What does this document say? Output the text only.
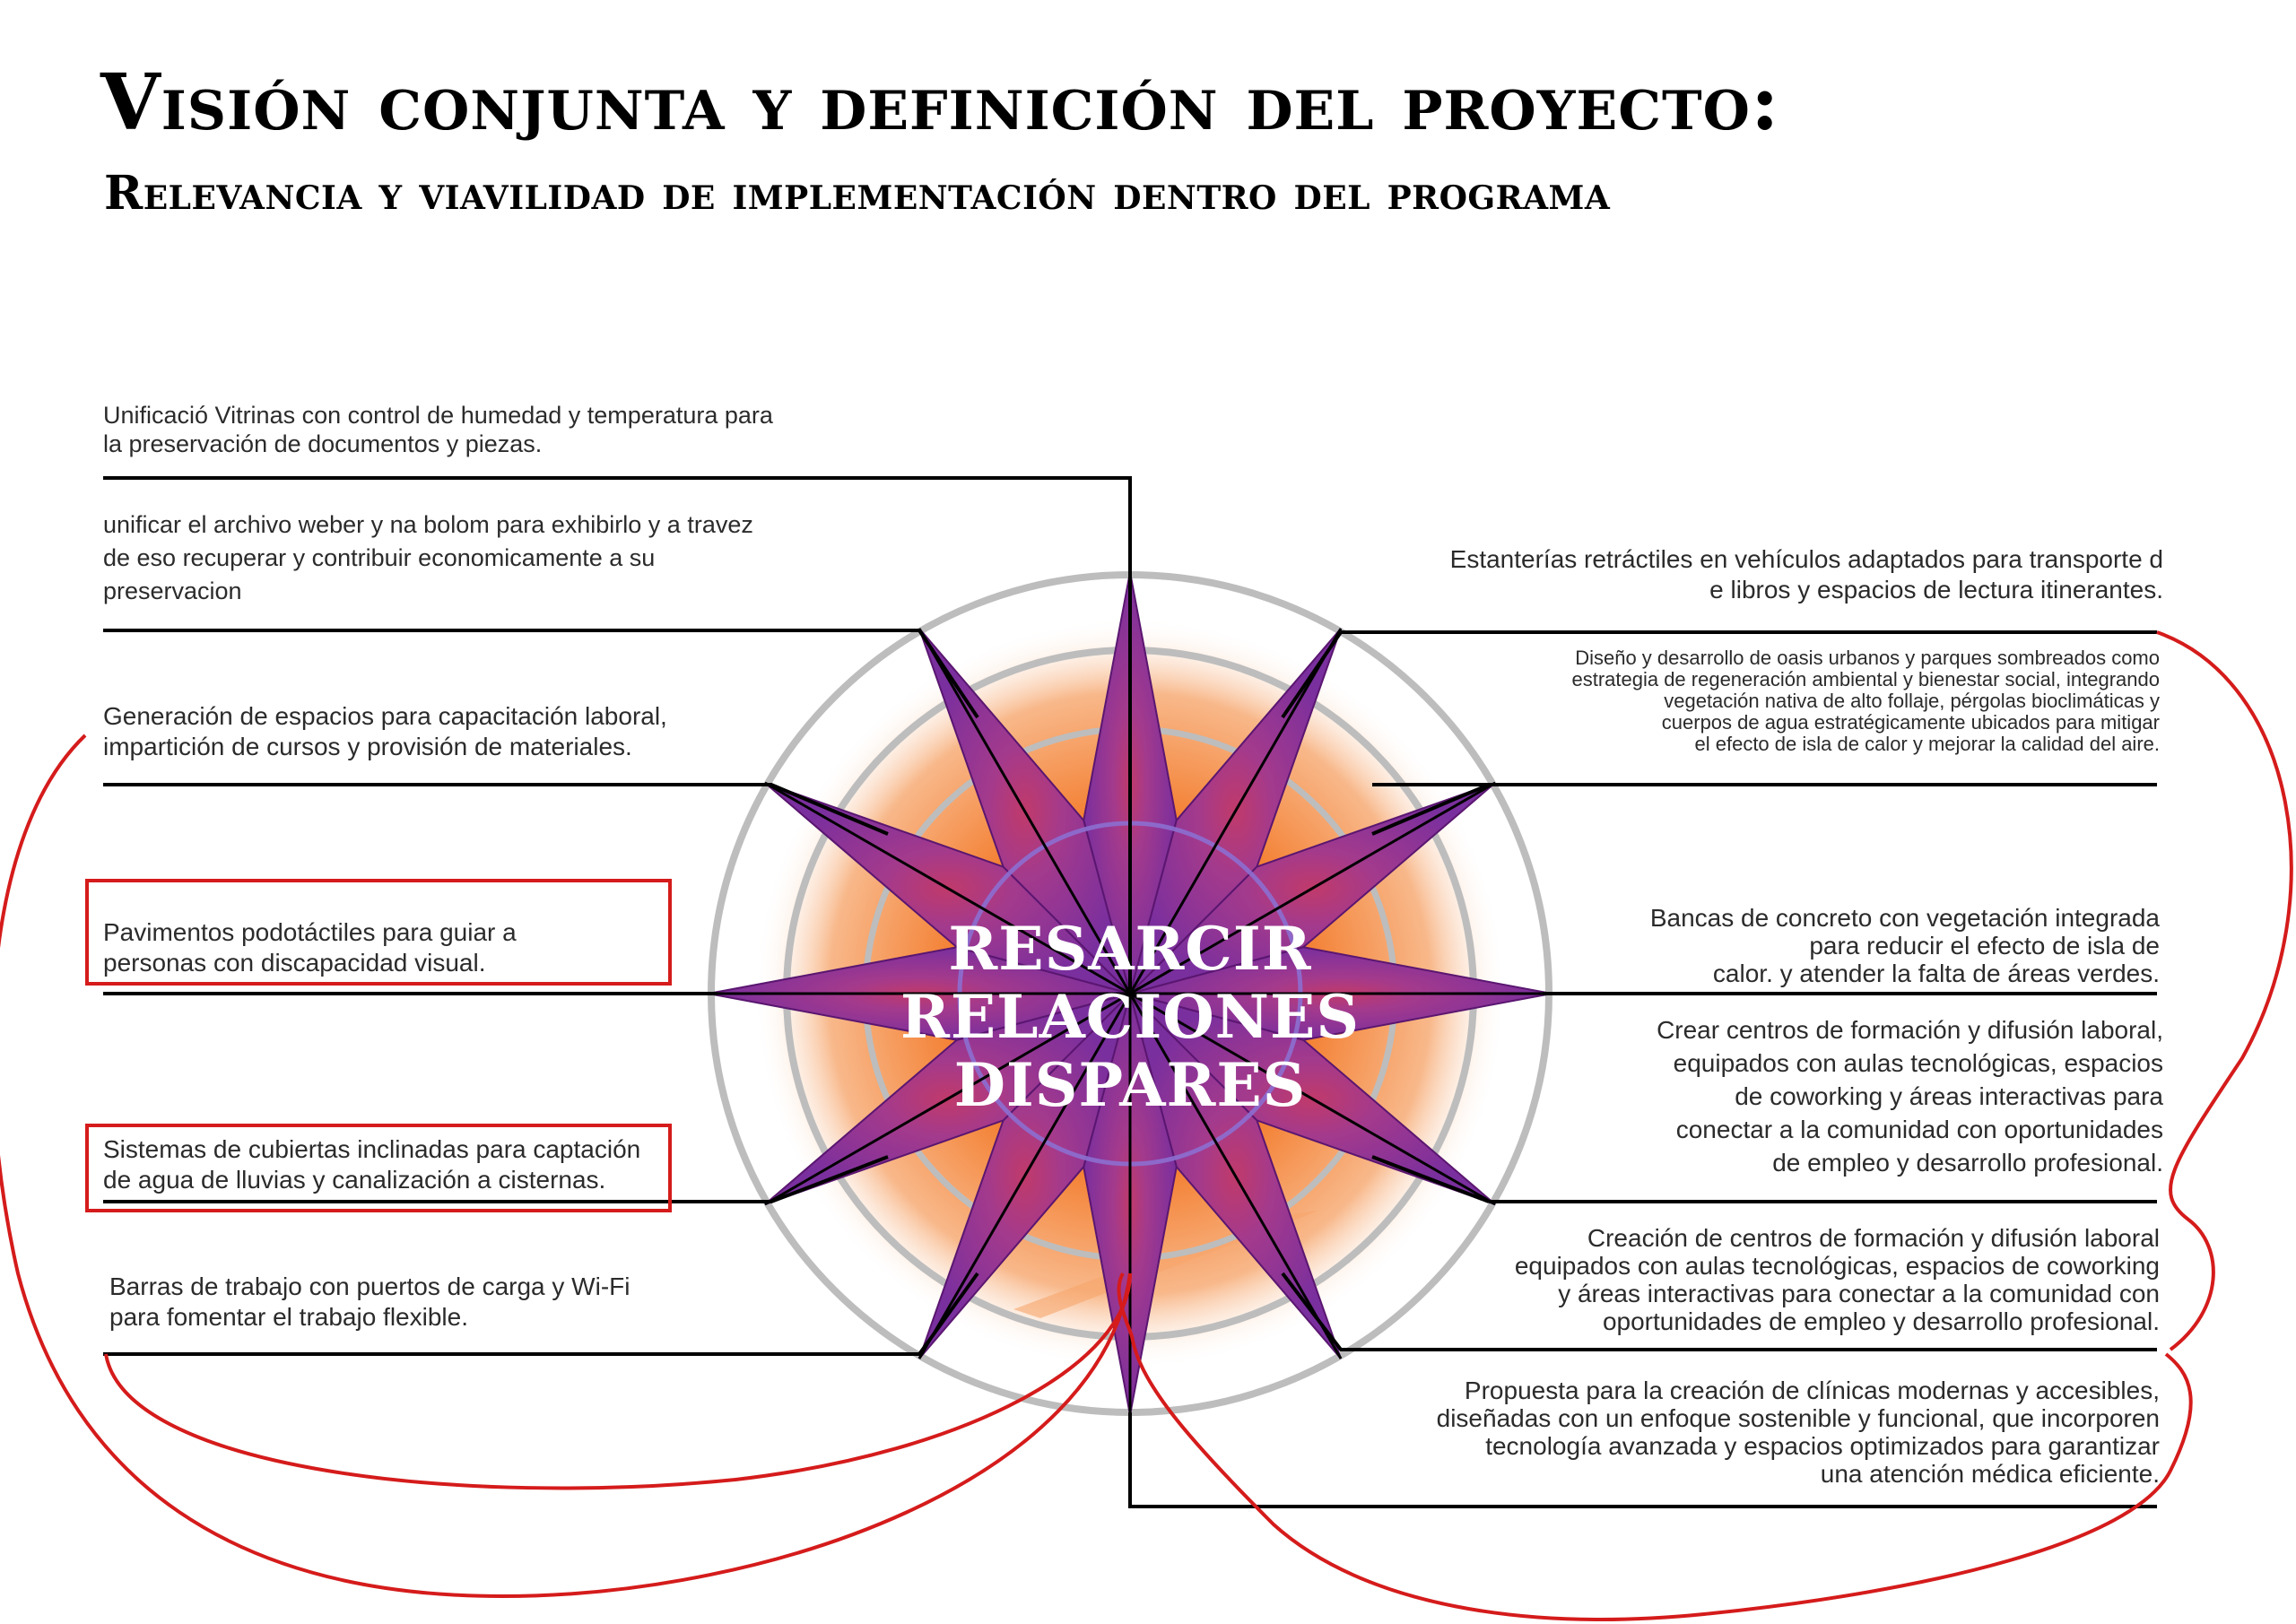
Visión conjunta y definición del proyecto:
Relevancia y viavilidad de implementación dentro del programa
RESARCIR
RELACIONES
DISPARES
Unificació Vitrinas con control de humedad y temperatura para
la preservación de documentos y piezas.
unificar el archivo weber y na bolom para exhibirlo y a travez
de eso recuperar y contribuir economicamente a su
preservacion
Generación de espacios para capacitación laboral,
impartición de cursos y provisión de materiales.
Pavimentos podotáctiles para guiar a
personas con discapacidad visual.
Sistemas de cubiertas inclinadas para captación
de agua de lluvias y canalización a cisternas.
Barras de trabajo con puertos de carga y Wi-Fi
para fomentar el trabajo flexible.
Estanterías retráctiles en vehículos adaptados para transporte d
e libros y espacios de lectura itinerantes.
Diseño y desarrollo de oasis urbanos y parques sombreados como
estrategia de regeneración ambiental y bienestar social, integrando
vegetación nativa de alto follaje, pérgolas bioclimáticas y
cuerpos de agua estratégicamente ubicados para mitigar
el efecto de isla de calor y mejorar la calidad del aire.
Bancas de concreto con vegetación integrada
para reducir el efecto de isla de
calor. y atender la falta de áreas verdes.
Crear centros de formación y difusión laboral,
equipados con aulas tecnológicas, espacios
de coworking y áreas interactivas para
conectar a la comunidad con oportunidades
de empleo y desarrollo profesional.
Creación de centros de formación y difusión laboral
equipados con aulas tecnológicas, espacios de coworking
y áreas interactivas para conectar a la comunidad con
oportunidades de empleo y desarrollo profesional.
Propuesta para la creación de clínicas modernas y accesibles,
diseñadas con un enfoque sostenible y funcional, que incorporen
tecnología avanzada y espacios optimizados para garantizar
una atención médica eficiente.
